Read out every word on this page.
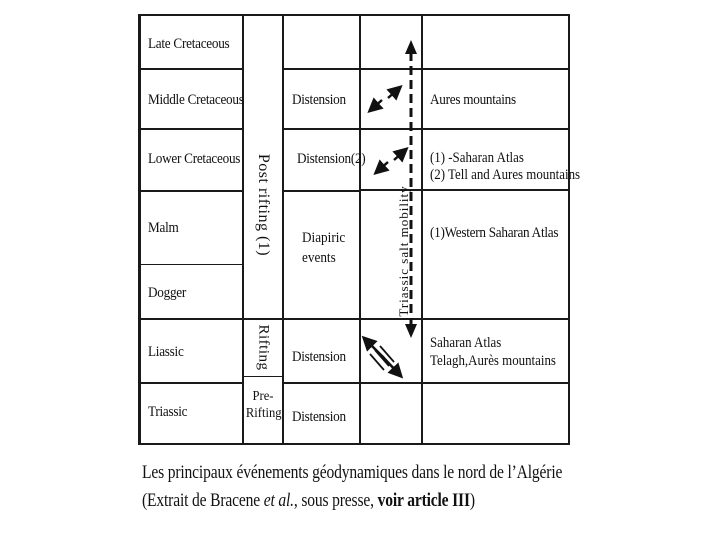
Late Cretaceous
Middle Cretaceous
Lower Cretaceous
Malm
Dogger
Liassic
Triassic
Post rifting (1)
Rifting
Pre-
Rifting
Distension
Distension(2)
Diapiric
events
Distension
Distension
Aures mountains
(1) -Saharan Atlas
(2) Tell and Aures mountains
(1)Western Saharan Atlas
Saharan Atlas
Telagh,Aurès mountains
Triassic salt mobility
Les principaux événements géodynamiques dans le nord de l’Algérie
(Extrait de Bracene et al., sous presse, voir article III)
